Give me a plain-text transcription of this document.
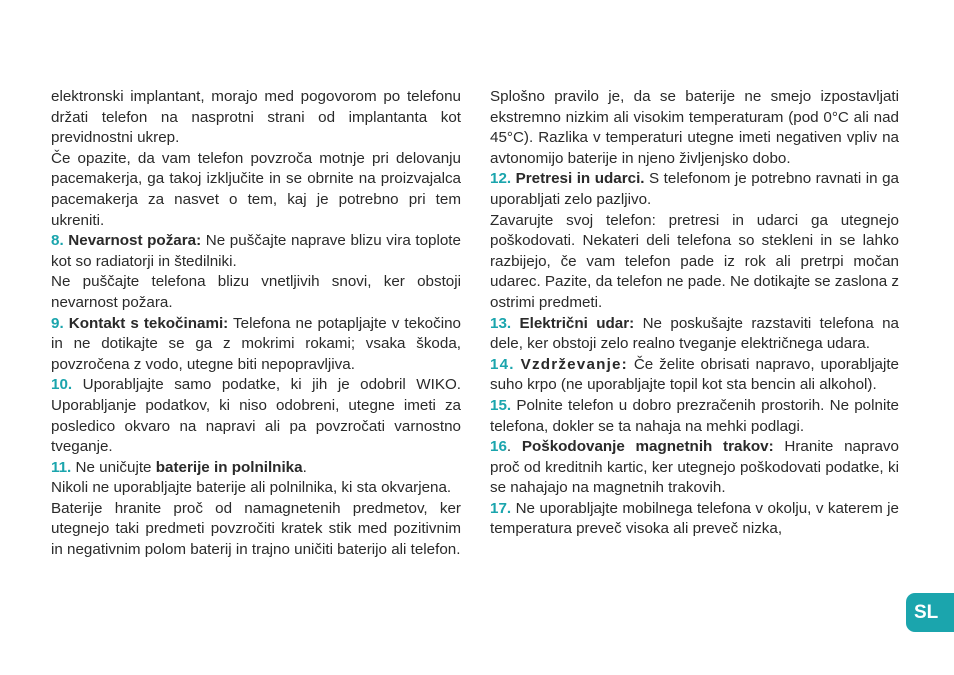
elektronski implantant, morajo med pogovorom po telefonu držati telefon na nasprotni strani od implantanta kot previdnostni ukrep.

Če opazite, da vam telefon povzroča motnje pri delovanju pacemakerja, ga takoj izključite in se obrnite na proizvajalca pacemakerja za nasvet o tem, kaj je potrebno pri tem ukreniti.

8. Nevarnost požara: Ne puščajte naprave blizu vira toplote kot so radiatorji in štedilniki.

Ne puščajte telefona blizu vnetljivih snovi, ker obstoji nevarnost požara.

9. Kontakt s tekočinami: Telefona ne potapljajte v tekočino in ne dotikajte se ga z mokrimi rokami; vsaka škoda, povzročena z vodo, utegne biti nepopravljiva.

10. Uporabljajte samo podatke, ki jih je odobril WIKO. Uporabljanje podatkov, ki niso odobreni, utegne imeti za posledico okvaro na napravi ali pa povzročati varnostno tveganje.

11. Ne uničujte baterije in polnilnika.

Nikoli ne uporabljajte baterije ali polnilnika, ki sta okvarjena.

Baterije hranite proč od namagnetenih predmetov, ker utegnejo taki predmeti povzročiti kratek stik med pozitivnim in negativnim polom baterij in trajno uničiti baterijo ali telefon.

Splošno pravilo je, da se baterije ne smejo izpostavljati ekstremno nizkim ali visokim temperaturam (pod 0°C ali nad 45°C). Razlika v temperaturi utegne imeti negativen vpliv na avtonomijo baterije in njeno življenjsko dobo.

12. Pretresi in udarci. S telefonom je potrebno ravnati in ga uporabljati zelo pazljivo.

Zavarujte svoj telefon: pretresi in udarci ga utegnejo poškodovati. Nekateri deli telefona so stekleni in se lahko razbijejo, če vam telefon pade iz rok ali pretrpi močan udarec. Pazite, da telefon ne pade. Ne dotikajte se zaslona z ostrimi predmeti.

13. Električni udar: Ne poskušajte razstaviti telefona na dele, ker obstoji zelo realno tveganje električnega udara.

14. Vzdrževanje: Če želite obrisati napravo, uporabljajte suho krpo (ne uporabljajte topil kot sta bencin ali alkohol).

15. Polnite telefon u dobro prezračenih prostorih. Ne polnite telefona, dokler se ta nahaja na mehki podlagi.

16. Poškodovanje magnetnih trakov: Hranite napravo proč od kreditnih kartic, ker utegnejo poškodovati podatke, ki se nahajajo na magnetnih trakovih.

17. Ne uporabljajte mobilnega telefona v okolju, v katerem je temperatura preveč visoka ali preveč nizka,

SL
